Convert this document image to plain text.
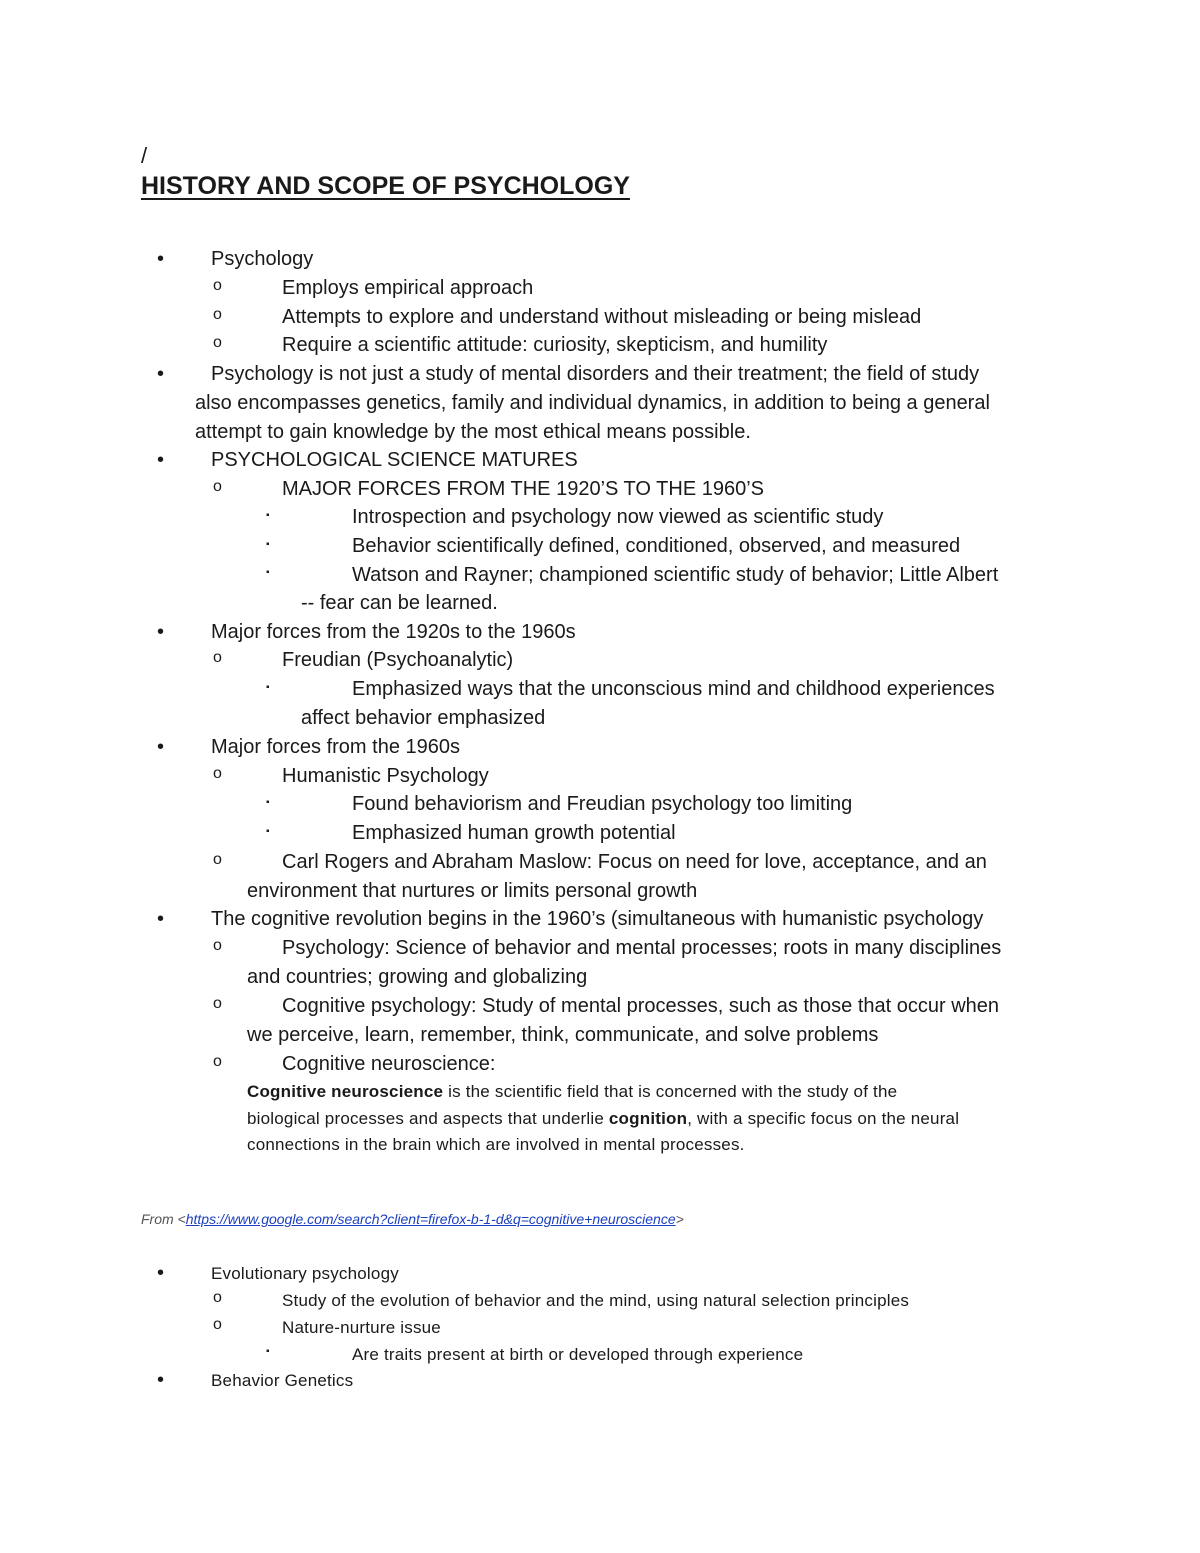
/
HISTORY AND SCOPE OF PSYCHOLOGY
• Psychology
o	Employs empirical approach
o	Attempts to explore and understand without misleading or being mislead
o	Require a scientific attitude: curiosity, skepticism, and humility
• Psychology is not just a study of mental disorders and their treatment; the field of study
also encompasses genetics, family and individual dynamics, in addition to being a general
attempt to gain knowledge by the most ethical means possible.
• PSYCHOLOGICAL SCIENCE MATURES
o	MAJOR FORCES FROM THE 1920’S TO THE 1960’S
▪	Introspection and psychology now viewed as scientific study
▪	Behavior scientifically defined, conditioned, observed, and measured
▪	Watson and Rayner; championed scientific study of behavior; Little Albert
-- fear can be learned.
• Major forces from the 1920s to the 1960s
o	Freudian (Psychoanalytic)
▪	Emphasized ways that the unconscious mind and childhood experiences
affect behavior emphasized
• Major forces from the 1960s
o	Humanistic Psychology
▪	Found behaviorism and Freudian psychology too limiting
▪	Emphasized human growth potential
o	Carl Rogers and Abraham Maslow: Focus on need for love, acceptance, and an
environment that nurtures or limits personal growth
• The cognitive revolution begins in the 1960’s (simultaneous with humanistic psychology
o	Psychology: Science of behavior and mental processes; roots in many disciplines
and countries; growing and globalizing
o	Cognitive psychology: Study of mental processes, such as those that occur when
we perceive, learn, remember, think, communicate, and solve problems
o	Cognitive neuroscience:
Cognitive neuroscience is the scientific field that is concerned with the study of the
biological processes and aspects that underlie cognition, with a specific focus on the neural
connections in the brain which are involved in mental processes.
From <https://www.google.com/search?client=firefox-b-1-d&q=cognitive+neuroscience>
•	Evolutionary psychology
o	Study of the evolution of behavior and the mind, using natural selection principles
o	Nature-nurture issue
▪	Are traits present at birth or developed through experience
•	Behavior Genetics
